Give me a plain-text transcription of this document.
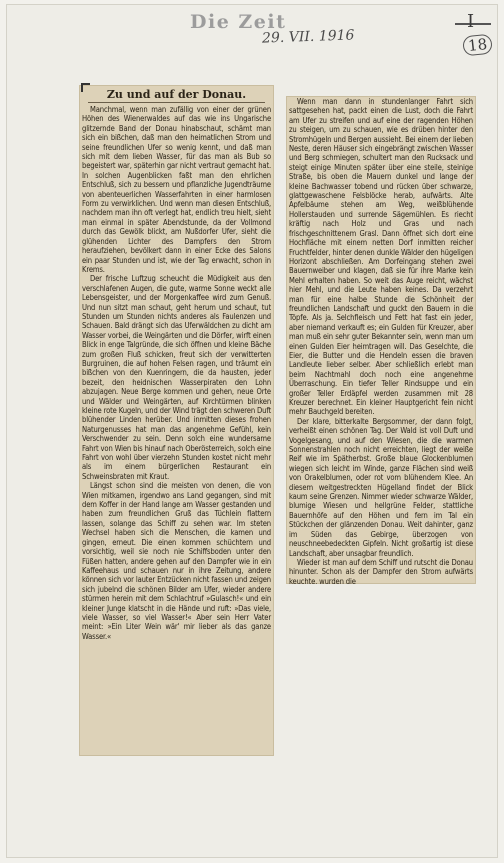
Die Zeit
29. VII. 1916
I
18
Zu und auf der Donau.

Manchmal, wenn man zufällig von einer der grünen Höhen des Wienerwaldes auf das wie ins Ungarische glitzernde Band der Donau hinabschaut, schämt man sich ein bißchen, daß man den heimatlichen Strom und seine freundlichen Ufer so wenig kennt, und daß man sich mit dem lieben Wasser, für das man als Bub so begeistert war, späterhin gar nicht vertraut gemacht hat. In solchen Augenblicken faßt man den ehrlichen Entschluß, sich zu bessern und pflanzliche Jugendträume von abenteuerlichen Wasserfahrten in einer harmlosen Form zu verwirklichen. Und wenn man diesen Entschluß, nachdem man ihn oft verlegt hat, endlich treu hielt, sieht man einmal in später Abendstunde, da der Vollmond durch das Gewölk blickt, am Nußdorfer Ufer, sieht die glühenden Lichter des Dampfers den Strom heraufziehen, bevölkert dann in einer Ecke des Salons ein paar Stunden und ist, wie der Tag erwacht, schon in Krems.

Der frische Luftzug scheucht die Müdigkeit aus den verschlafenen Augen, die gute, warme Sonne weckt alle Lebensgeister, und der Morgenkaffee wird zum Genuß. Und nun sitzt man schaut, geht herum und schaut, tut Stunden um Stunden nichts anderes als Faulenzen und Schauen. Bald drängt sich das Uferwäldchen zu dicht am Wasser vorbei, die Weingärten und die Dörfer, wirft einen Blick in enge Talgründe, die sich öffnen und kleine Bäche zum großen Fluß schicken, freut sich der verwitterten Burgruinen, die auf hohen Felsen ragen, und träumt ein bißchen von den Kuenringern, die da hausten, jeder bezeit, den heidnischen Wasserpiraten den Lohn abzujagen. Neue Berge kommen und gehen, neue Orte und Wälder und Weingärten, auf Kirchtürmen blinken kleine rote Kugeln, und der Wind trägt den schweren Duft blühender Linden herüber. Und inmitten dieses frohen Naturgenusses hat man das angenehme Gefühl, kein Verschwender zu sein. Denn solch eine wundersame Fahrt von Wien bis hinauf nach Oberösterreich, solch eine Fahrt von wohl über vierzehn Stunden kostet nicht mehr als im einem bürgerlichen Restaurant ein Schweinsbraten mit Kraut.

Längst schon sind die meisten von denen, die von Wien mitkamen, irgendwo ans Land gegangen, sind mit dem Koffer in der Hand lange am Wasser gestanden und haben zum freundlichen Gruß das Tüchlein flattern lassen, solange das Schiff zu sehen war. Im steten Wechsel haben sich die Menschen, die kamen und gingen, erneut. Die einen kommen schüchtern und vorsichtig, weil sie noch nie Schiffsboden unter den Füßen hatten, andere gehen auf den Dampfer wie in ein Kaffeehaus und schauen nur in ihre Zeitung, andere können sich vor lauter Entzücken nicht fassen und zeigen sich jubelnd die schönen Bilder am Ufer, wieder andere stürmen herein mit dem Schlachtruf »Gulasch!« und ein kleiner Junge klatscht in die Hände und ruft: »Das viele, viele Wasser, so viel Wasser!« Aber sein Herr Vater meint: »Ein Liter Wein wär' mir lieber als das ganze Wasser.«

Wenn man dann in stundenlanger Fahrt sich sattgesehen hat, packt einen die Lust, doch die Fahrt am Ufer zu streifen und auf eine der ragenden Höhen zu steigen, um zu schauen, wie es drüben hinter den Stromhügeln und Bergen aussieht. Bei einem der lieben Neste, deren Häuser sich eingebrängt zwischen Wasser und Berg schmiegen, schultert man den Rucksack und steigt einige Minuten später über eine steile, steinige Straße, bis oben die Mauern dunkel und lange der kleine Bachwasser tobend und rücken über schwarze, glattgewaschene Felsblöcke herab, aufwärts. Alte Apfelbäume stehen am Weg, weißblühende Hollerstauden und surrende Sägemühlen. Es riecht kräftig nach Holz und Gras und nach frischgeschnittenem Grasl. Dann öffnet sich dort eine Hochfläche mit einem netten Dorf inmitten reicher Fruchtfelder, hinter denen dunkle Wälder den hügeligen Horizont abschließen. Am Dorfeingang stehen zwei Bauernweiber und klagen, daß sie für ihre Marke kein Mehl erhalten haben. So weit das Auge reicht, wächst hier Mehl, und die Leute haben keines. Da verzehrt man für eine halbe Stunde die Schönheit der freundlichen Landschaft und guckt den Bauern in die Töpfe. Als ja. Selchfleisch und Fett hat fast ein jeder, aber niemand verkauft es; ein Gulden für Kreuzer, aber man muß ein sehr guter Bekannter sein, wenn man um einen Gulden Eier heimtragen will. Das Geselchte, die Eier, die Butter und die Hendeln essen die braven Landleute lieber selber. Aber schließlich erlebt man beim Nachtmahl doch noch eine angenehme Überraschung. Ein tiefer Teller Rindsuppe und ein großer Teller Erdäpfel werden zusammen mit 28 Kreuzer berechnet. Ein kleiner Hauptgericht fein nicht mehr Bauchgeld bereiten.

Der klare, bitterkalte Bergsommer, der dann folgt, verheißt einen schönen Tag. Der Wald ist voll Duft und Vogelgesang, und auf den Wiesen, die die warmen Sonnenstrahlen noch nicht erreichten, liegt der weiße Reif wie im Spätherbst. Große blaue Glockenblumen wiegen sich leicht im Winde, ganze Flächen sind weiß von Orakelblumen, oder rot vom blühendem Klee. An diesem weitgestreckten Hügelland findet der Blick kaum seine Grenzen. Nimmer wieder schwarze Wälder, blumige Wiesen und hellgrüne Felder, stattliche Bauernhöfe auf den Höhen und fern im Tal ein Stückchen der glänzenden Donau. Weit dahinter, ganz im Süden das Gebirge, überzogen von neuschneebedeckten Gipfeln. Nicht großartig ist diese Landschaft, aber unsagbar freundlich.

Wieder ist man auf dem Schiff und rutscht die Donau hinunter. Schon als der Dampfer den Strom aufwärts keuchte, wurden die
